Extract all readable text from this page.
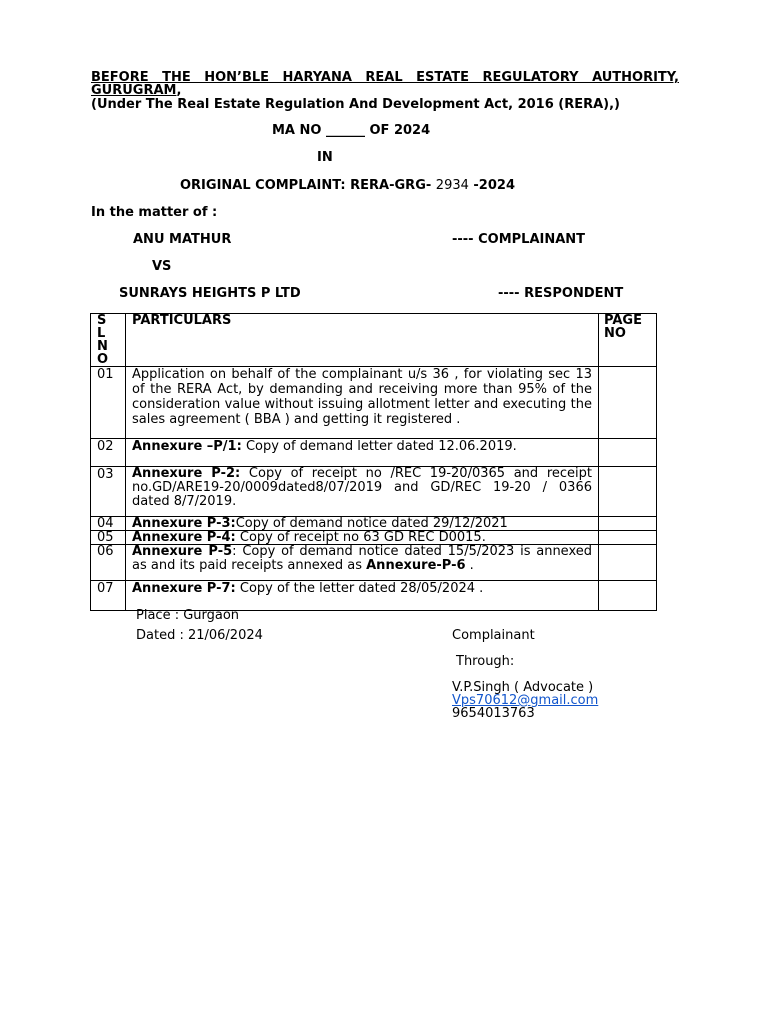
BEFORE THE HON’BLE HARYANA REAL ESTATE REGULATORY AUTHORITY,
GURUGRAM,
(Under The Real Estate Regulation And Development Act, 2016 (RERA),)
MA NO ______ OF 2024
IN
ORIGINAL COMPLAINT: RERA-GRG- 2934 -2024
In the matter of :
ANU MATHUR	---- COMPLAINANT
VS
SUNRAYS HEIGHTS P LTD	---- RESPONDENT
SL N O	PARTICULARS	PAGE NO

01	Application on behalf of the complainant u/s 36 , for violating sec 13 of the RERA Act, by demanding and receiving more than 95% of the consideration value without issuing allotment letter and executing the sales agreement ( BBA ) and getting it registered .	
02	Annexure –P/1: Copy of demand letter dated 12.06.2019.	
03	Annexure P-2: Copy of receipt no /REC 19-20/0365 and receipt no.GD/ARE19-20/0009dated8/07/2019 and GD/REC 19-20 / 0366 dated 8/7/2019.	
04	Annexure P-3:Copy of demand notice dated 29/12/2021	
05	Annexure P-4: Copy of receipt no 63 GD REC D0015.	
06	Annexure P-5: Copy of demand notice dated 15/5/2023 is annexed as and its paid receipts annexed as Annexure-P-6 .	
07	Annexure P-7: Copy of the letter dated 28/05/2024 .	
Place : Gurgaon
Dated : 21/06/2024	Complainant
Through:
V.P.Singh ( Advocate )
Vps70612@gmail.com
9654013763
